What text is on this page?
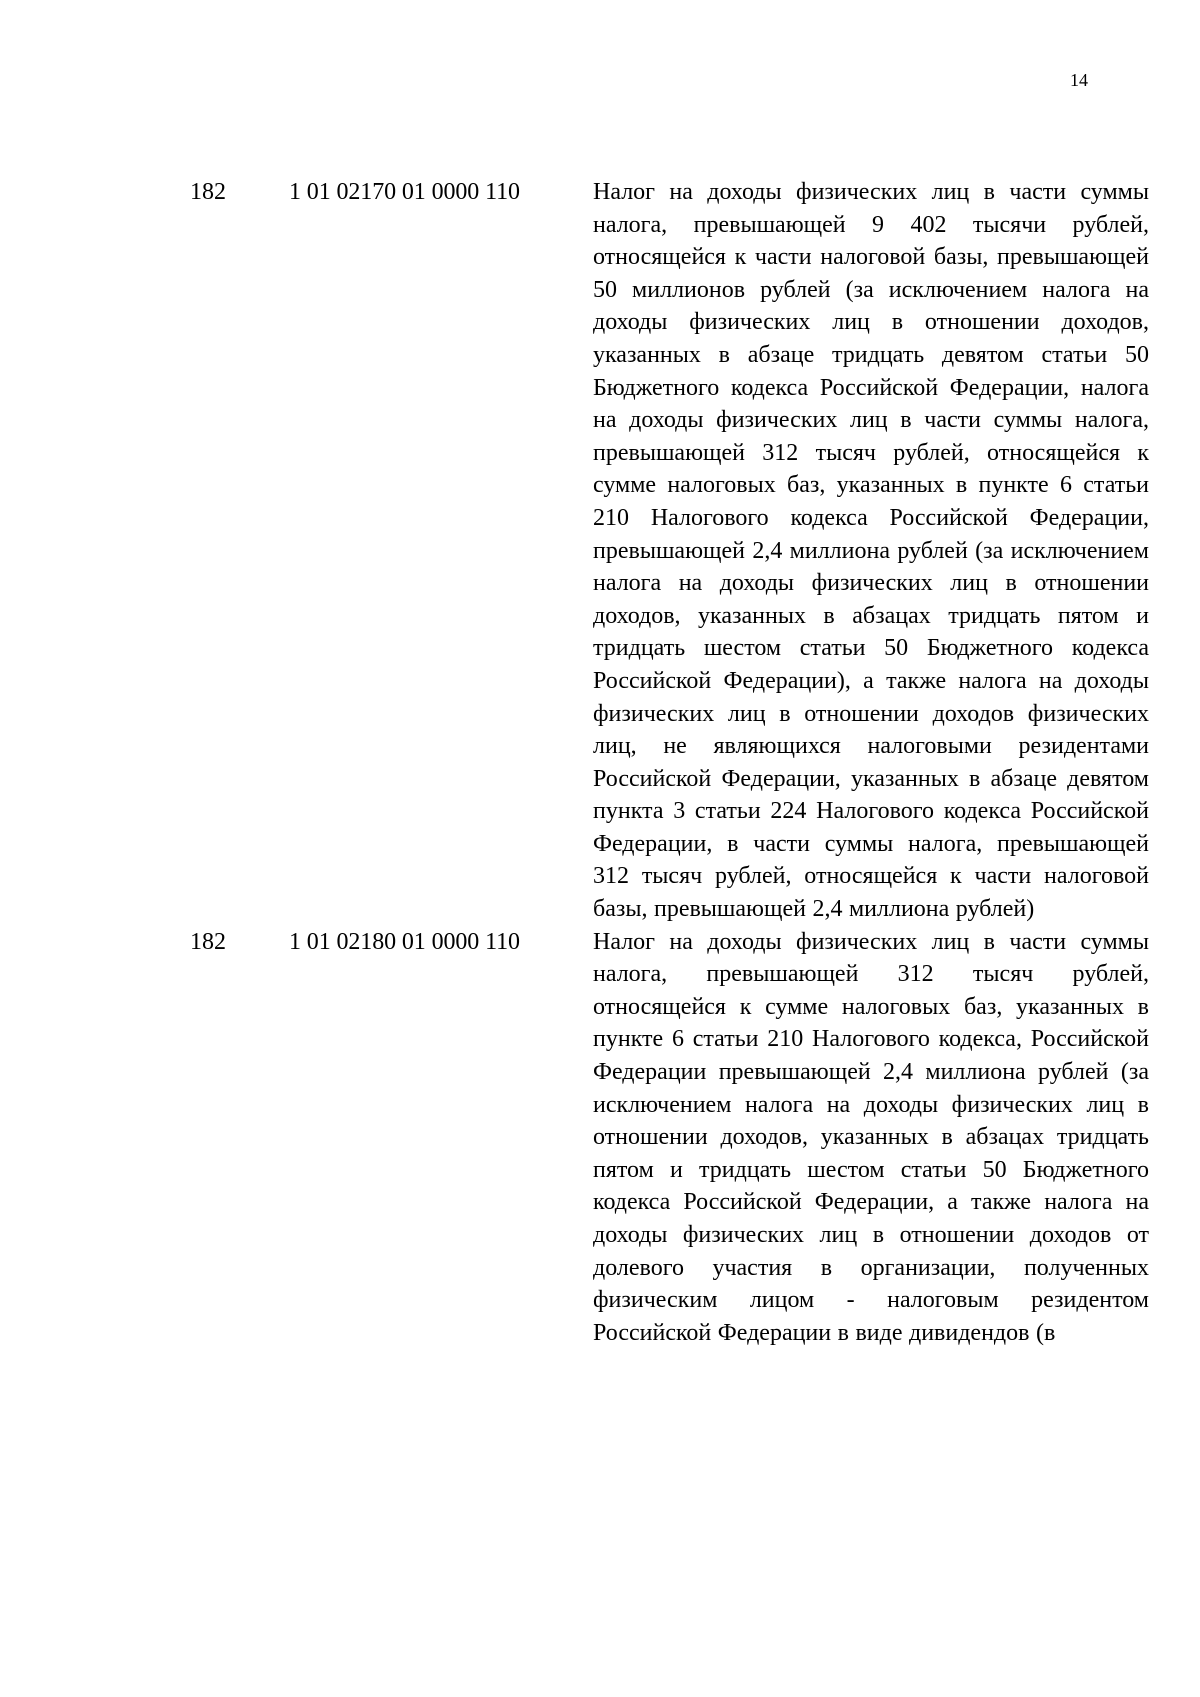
14
182	1 01 02170 01 0000 110	Налог на доходы физических лиц в части суммы налога, превышающей 9 402 тысячи рублей, относящейся к части налоговой базы, превышающей 50 миллионов рублей (за исключением налога на доходы физических лиц в отношении доходов, указанных в абзаце тридцать девятом статьи 50 Бюджетного кодекса Российской Федерации, налога на доходы физических лиц в части суммы налога, превышающей 312 тысяч рублей, относящейся к сумме налоговых баз, указанных в пункте 6 статьи 210 Налогового кодекса Российской Федерации, превышающей 2,4 миллиона рублей (за исключением налога на доходы физических лиц в отношении доходов, указанных в абзацах тридцать пятом и тридцать шестом статьи 50 Бюджетного кодекса Российской Федерации), а также налога на доходы физических лиц в отношении доходов физических лиц, не являющихся налоговыми резидентами Российской Федерации, указанных в абзаце девятом пункта 3 статьи 224 Налогового кодекса Российской Федерации, в части суммы налога, превышающей 312 тысяч рублей, относящейся к части налоговой базы, превышающей 2,4 миллиона рублей)
182	1 01 02180 01 0000 110	Налог на доходы физических лиц в части суммы налога, превышающей 312 тысяч рублей, относящейся к сумме налоговых баз, указанных в пункте 6 статьи 210 Налогового кодекса, Российской Федерации превышающей 2,4 миллиона рублей (за исключением налога на доходы физических лиц в отношении доходов, указанных в абзацах тридцать пятом и тридцать шестом статьи 50 Бюджетного кодекса Российской Федерации, а также налога на доходы физических лиц в отношении доходов от долевого участия в организации, полученных физическим лицом - налоговым резидентом Российской Федерации в виде дивидендов (в
